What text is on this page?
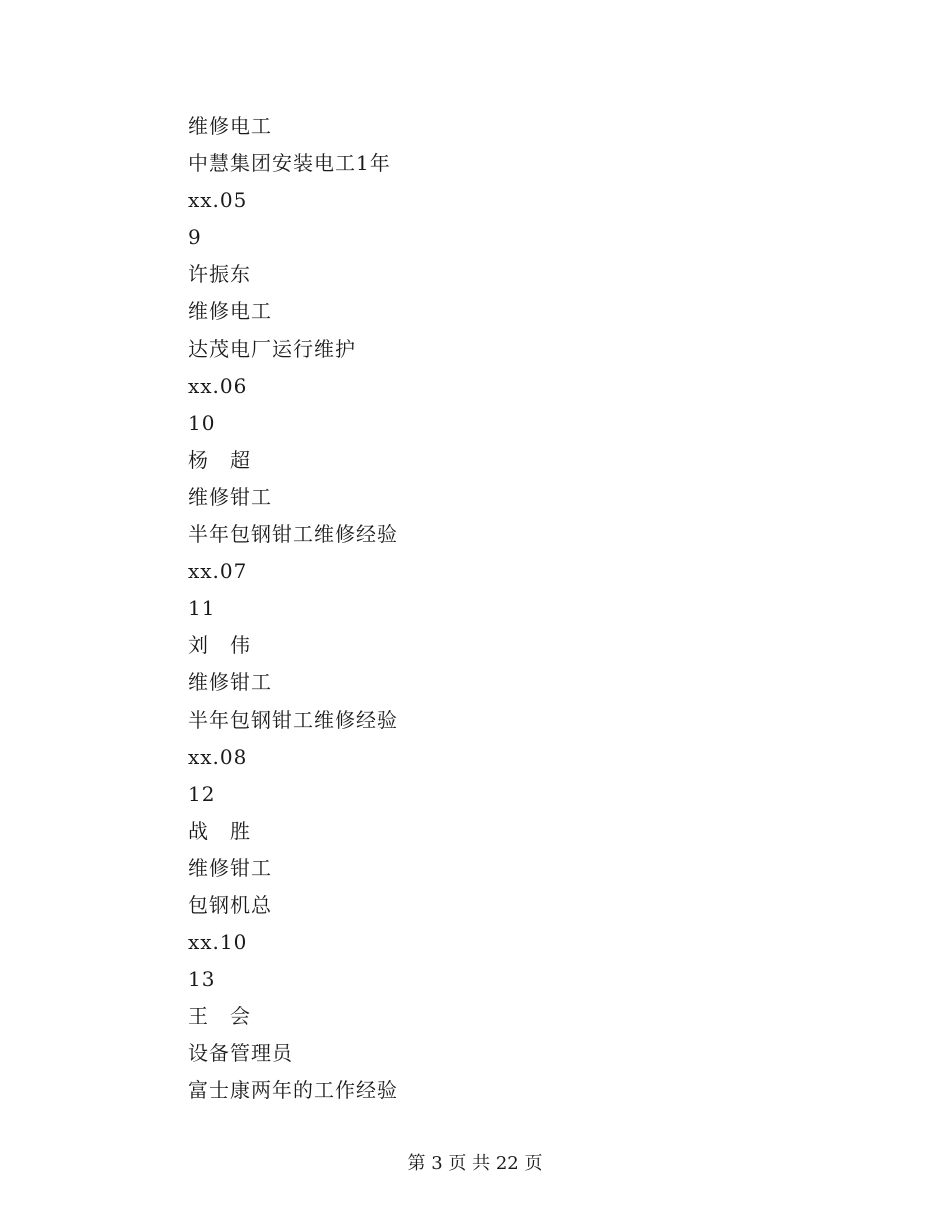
维修电工
中慧集团安装电工1年
xx.05
9
许振东
维修电工
达茂电厂运行维护
xx.06
10
杨　超
维修钳工
半年包钢钳工维修经验
xx.07
11
刘　伟
维修钳工
半年包钢钳工维修经验
xx.08
12
战　胜
维修钳工
包钢机总
xx.10
13
王　会
设备管理员
富士康两年的工作经验
第 3 页 共 22 页
